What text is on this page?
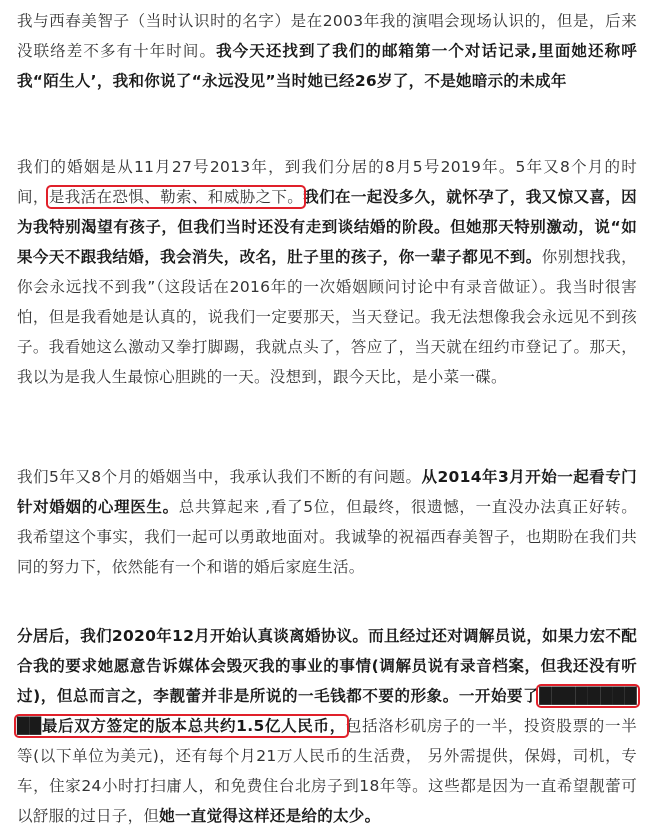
我与西春美智子（当时认识时的名字）是在2003年我的演唱会现场认识的，但是，后来没联络差不多有十年时间。我今天还找到了我们的邮箱第一个对话记录,里面她还称呼我“陌生人’，我和你说了“永远没见”当时她已经26岁了，不是她暗示的未成年

我们的婚姻是从11月27号2013年，到我们分居的8月5号2019年。5年又8个月的时间，是我活在恐惧、勒索、和威胁之下。我们在一起没多久，就怀孕了，我又惊又喜，因为我特别渴望有孩子，但我们当时还没有走到谈结婚的阶段。但她那天特别激动，说“如果今天不跟我结婚，我会消失，改名，肚子里的孩子，你一辈子都见不到。你别想找我，你会永远找不到我”（这段话在2016年的一次婚姻顾问讨论中有录音做证）。我当时很害怕，但是我看她是认真的，说我们一定要那天，当天登记。我无法想像我会永远见不到孩子。我看她这么激动又拳打脚踢，我就点头了，答应了，当天就在纽约市登记了。那天，我以为是我人生最惊心胆跳的一天。没想到，跟今天比，是小菜一碟。

我们5年又8个月的婚姻当中，我承认我们不断的有问题。从2014年3月开始一起看专门针对婚姻的心理医生。总共算起来 ,看了5位，但最终，很遗憾，一直没办法真正好转。我希望这个事实，我们一起可以勇敢地面对。我诚挚的祝福西春美智子，也期盼在我们共同的努力下，依然能有一个和谐的婚后家庭生活。

分居后，我们2020年12月开始认真谈离婚协议。而且经过还对调解员说，如果力宏不配合我的要求她愿意告诉媒体会毁灭我的事业的事情(调解员说有录音档案，但我还没有听过)，但总而言之，李靓蕾并非是所说的一毛钱都不要的形象。一开始要了██████████最后双方签定的版本总共约1.5亿人民币，包括洛杉矶房子的一半，投资股票的一半等(以下单位为美元)，还有每个月21万人民币的生活费， 另外需提供，保姆，司机，专车，住家24小时打扫庸人，和免费住台北房子到18年等。这些都是因为一直希望靓蕾可以舒服的过日子，但她一直觉得这样还是给的太少。
